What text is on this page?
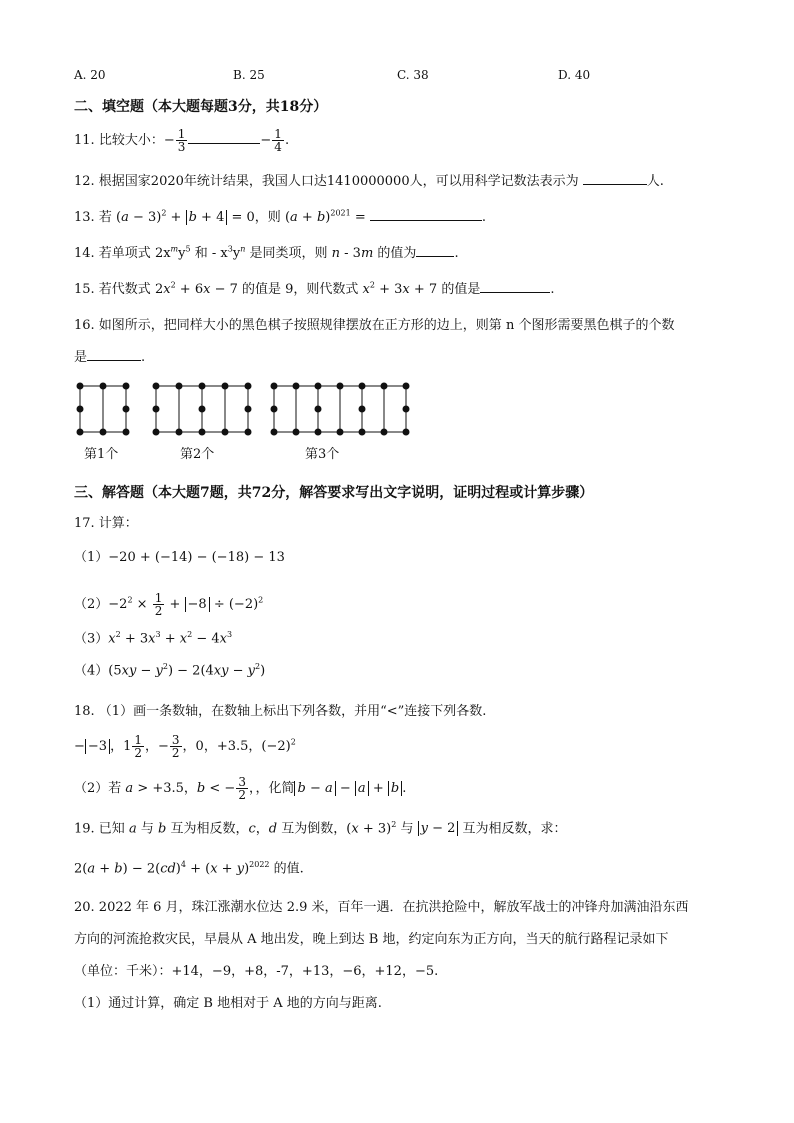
A. 20	B. 25	C. 38	D. 40
二、填空题（本大题每题3分，共18分）
11. 比较大小：− $\frac{1}{3}$	− $\frac{1}{4}$ .
12. 根据国家2020年统计结果，我国人口达1410000000人，可以用科学记数法表示为	人.
13. 若 $(a - 3)^2 + b + 4 = 0$，则 $(a + b)^{2021}$ =	.
14. 若单项式 $2x^my^5$ 和 - $x^3y^n$ 是同类项，则 n - 3m 的值为	.
15. 若代数式 $2x^2 + 6x - 7$ 的值是 9，则代数式 $x^2 + 3x + 7$ 的值是	.
16. 如图所示，把同样大小的黑色棋子按照规律摆放在正方形的边上，则第 n 个图形需要黑色棋子的个数
是	.
第1个	第2个	第3个
三、解答题（本大题7题，共72分，解答要求写出文字说明，证明过程或计算步骤）
17. 计算：
（1）−20 + (−14) − (−18) − 13
$(2)-2^2 \times \frac{1}{2} + -8 \div (-2)^2$
$(3)x^2 + 3x^3 + x^2 - 4x^3$
$(4)(5xy - y^2) - 2(4xy - y^2)$
18. （1）画一条数轴，在数轴上标出下列各数，并用“<”连接下列各数.
− −3 ，$1 \frac{1}{2}$ ，− $\frac{3}{2}$ ，0，+3.5，$(-2)^2$
（2）若 a > +3.5，b < − $\frac{3}{2}$ ，，化简 b − a − a + b .
19. 已知 a 与 b 互为相反数，c，d 互为倒数，$(x + 3)^2$ 与 y − 2 互为相反数，求：
$2(a + b) - 2(cd)^4 + (x + y)^{2022}$ 的值.
20. 2022 年 6 月，珠江涨潮水位达 2.9 米，百年一遇．在抗洪抢险中，解放军战士的冲锋舟加满油沿东西
方向的河流抢救灾民，早晨从 A 地出发，晚上到达 B 地，约定向东为正方向，当天的航行路程记录如下
（单位：千米）：+14，−9，+8，-7，+13，−6，+12，−5.
（1）通过计算，确定 B 地相对于 A 地的方向与距离.
